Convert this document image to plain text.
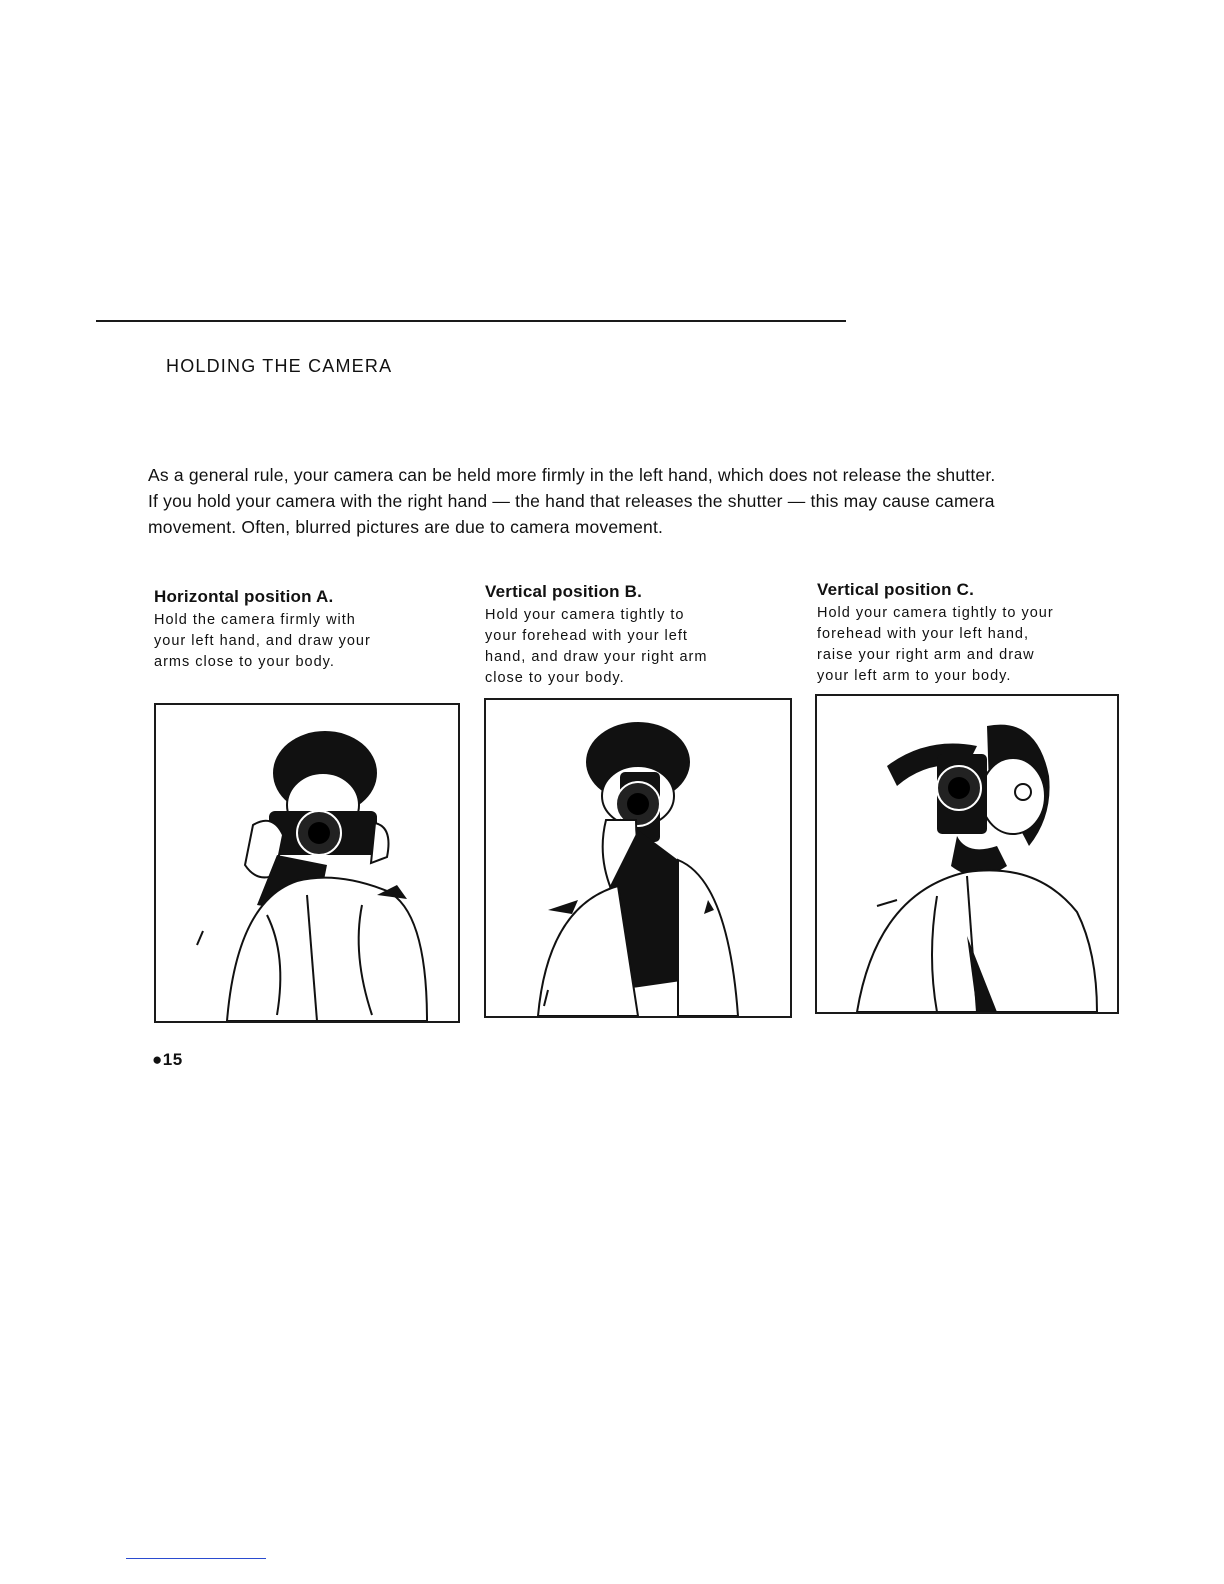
HOLDING THE CAMERA

As a general rule, your camera can be held more firmly in the left hand, which does not release the shutter.

If you hold your camera with the right hand — the hand that releases the shutter — this may cause camera

movement. Often, blurred pictures are due to camera movement.

Horizontal position A.

Hold the camera firmly with

your left hand, and draw your

arms close to your body.

Vertical position B.

Hold your camera tightly to

your forehead with your left

hand, and draw your right arm

close to your body.

Vertical position C.

Hold your camera tightly to your

forehead with your left hand,

raise your right arm and draw

your left arm to your body.

●15
